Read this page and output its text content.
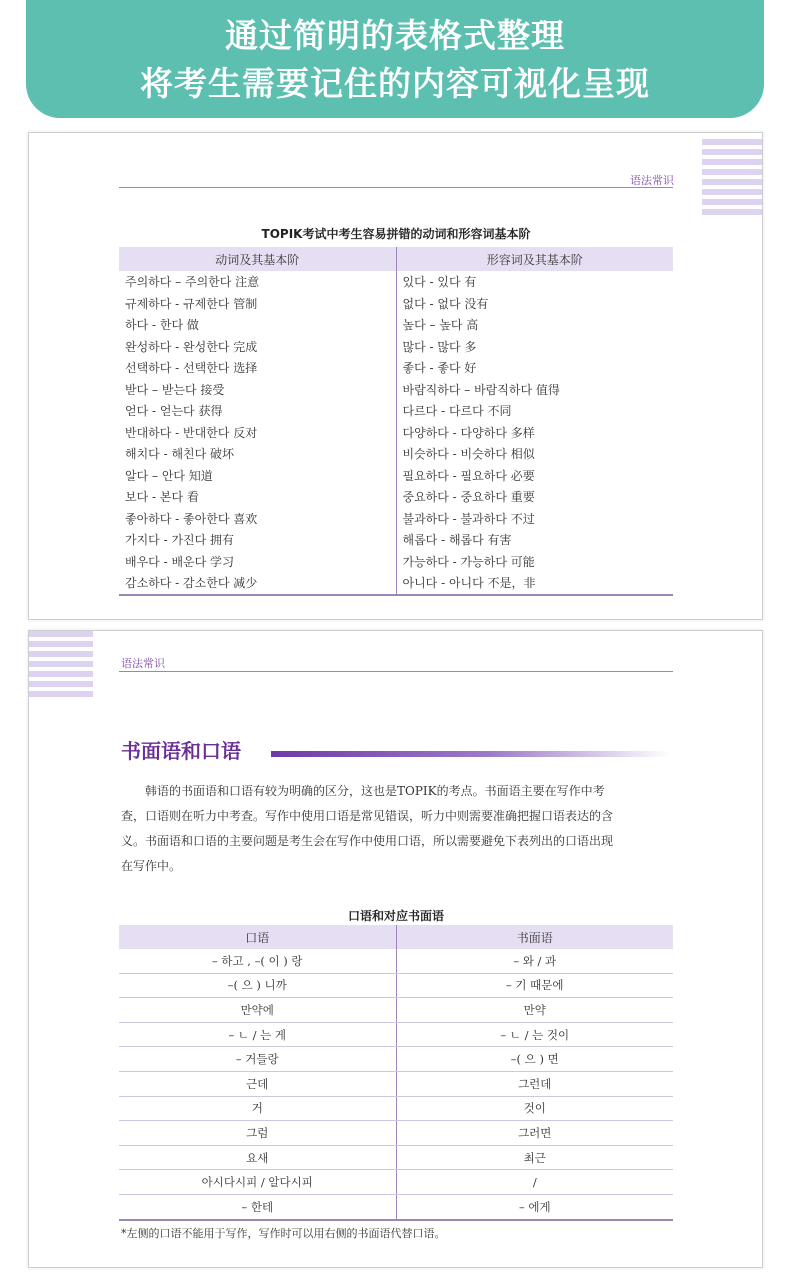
通过简明的表格式整理
将考生需要记住的内容可视化呈现
语法常识
TOPIK考试中考生容易拼错的动词和形容词基本阶
动词及其基本阶	形容词及其基本阶
주의하다 – 주의한다 注意	있다 - 있다 有
규제하다 - 규제한다 管制	없다 - 없다 没有
하다 - 한다 做	높다 – 높다 高
완성하다 - 완성한다 完成	많다 - 많다 多
선택하다 - 선택한다 选择	좋다 - 좋다 好
받다 – 받는다 接受	바람직하다 – 바람직하다 值得
얻다 - 얻는다 获得	다르다 - 다르다 不同
반대하다 - 반대한다 反对	다양하다 - 다양하다 多样
해치다 - 해친다 破坏	비슷하다 - 비슷하다 相似
알다 – 안다 知道	필요하다 - 필요하다 必要
보다 - 본다 看	중요하다 - 중요하다 重要
좋아하다 - 좋아한다 喜欢	불과하다 - 불과하다 不过
가지다 - 가진다 拥有	해롭다 - 해롭다 有害
배우다 - 배운다 学习	가능하다 - 가능하다 可能
감소하다 - 감소한다 减少	아니다 - 아니다 不是，非
语法常识
书面语和口语

韩语的书面语和口语有较为明确的区分，这也是TOPIK的考点。书面语主要在写作中考
查，口语则在听力中考查。写作中使用口语是常见错误，听力中则需要准确把握口语表达的含
义。书面语和口语的主要问题是考生会在写作中使用口语，所以需要避免下表列出的口语出现
在写作中。

口语和对应书面语
口语	书面语
– 하고 , –( 이 ) 랑	– 와 / 과
–( 으 ) 니까	– 기 때문에
만약에	만약
– ㄴ / 는 게	– ㄴ / 는 것이
– 거들랑	–( 으 ) 면
근데	그런데
거	것이
그럼	그러면
요새	최근
아시다시피 / 알다시피	/
– 한테	– 에게
*左侧的口语不能用于写作，写作时可以用右侧的书面语代替口语。
